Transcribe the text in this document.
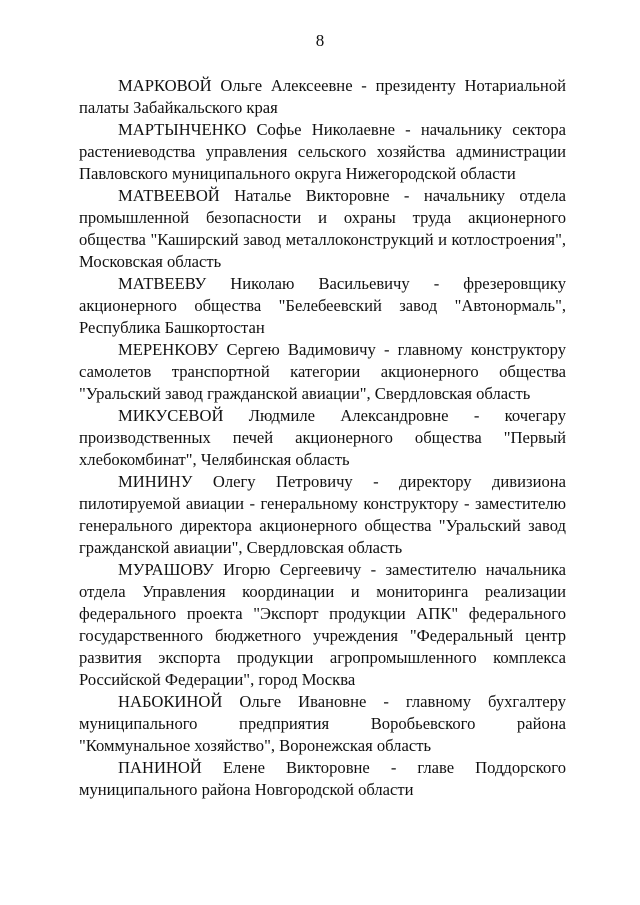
8

МАРКОВОЙ Ольге Алексеевне - президенту Нотариальной палаты Забайкальского края

МАРТЫНЧЕНКО Софье Николаевне - начальнику сектора растениеводства управления сельского хозяйства администрации Павловского муниципального округа Нижегородской области

МАТВЕЕВОЙ Наталье Викторовне - начальнику отдела промышленной безопасности и охраны труда акционерного общества "Каширский завод металлоконструкций и котлостроения", Московская область

МАТВЕЕВУ Николаю Васильевичу - фрезеровщику акционерного общества "Белебеевский завод "Автонормаль", Республика Башкортостан

МЕРЕНКОВУ Сергею Вадимовичу - главному конструктору самолетов транспортной категории акционерного общества "Уральский завод гражданской авиации", Свердловская область

МИКУСЕВОЙ Людмиле Александровне - кочегару производственных печей акционерного общества "Первый хлебокомбинат", Челябинская область

МИНИНУ Олегу Петровичу - директору дивизиона пилотируемой авиации - генеральному конструктору - заместителю генерального директора акционерного общества "Уральский завод гражданской авиации", Свердловская область

МУРАШОВУ Игорю Сергеевичу - заместителю начальника отдела Управления координации и мониторинга реализации федерального проекта "Экспорт продукции АПК" федерального государственного бюджетного учреждения "Федеральный центр развития экспорта продукции агропромышленного комплекса Российской Федерации", город Москва

НАБОКИНОЙ Ольге Ивановне - главному бухгалтеру муниципального предприятия Воробьевского района "Коммунальное хозяйство", Воронежская область

ПАНИНОЙ Елене Викторовне - главе Поддорского муниципального района Новгородской области
